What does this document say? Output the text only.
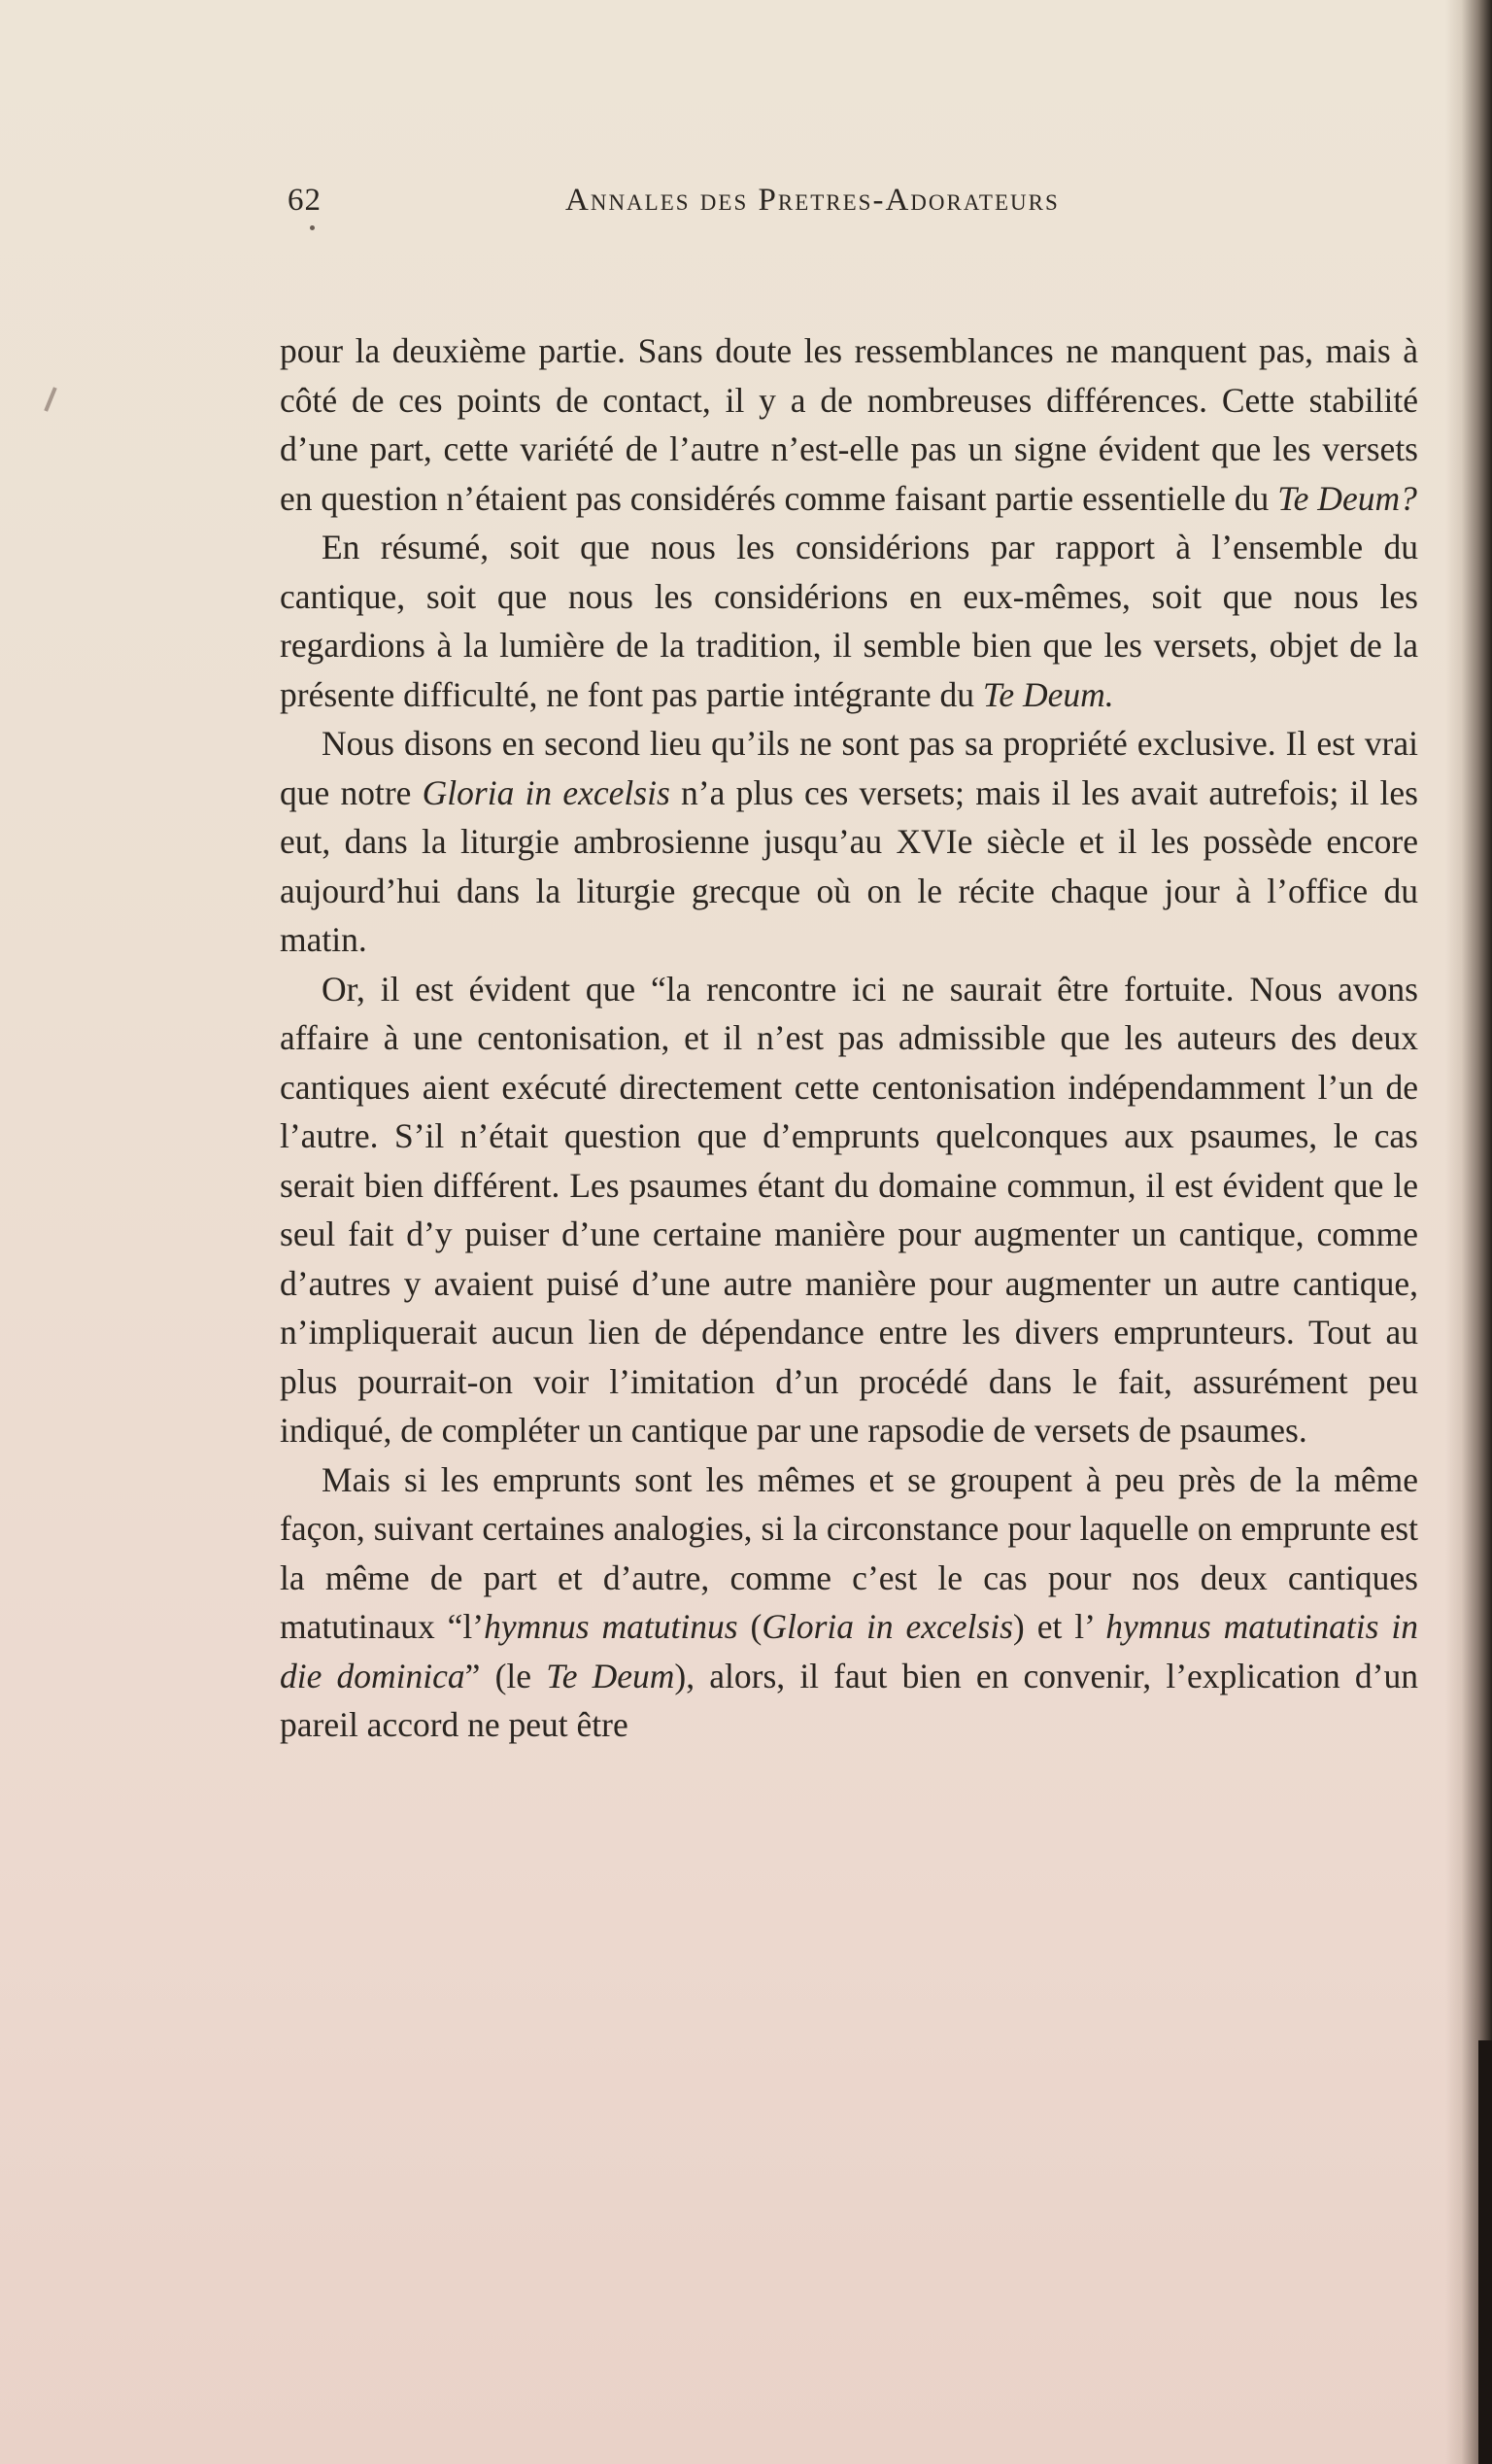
62	Annales des Pretres-Adorateurs

pour la deuxième partie. Sans doute les ressemblances ne manquent pas, mais à côté de ces points de contact, il y a de nombreuses différences. Cette stabilité d’une part, cette variété de l’autre n’est-elle pas un signe évident que les versets en question n’étaient pas considérés comme faisant partie essentielle du Te Deum?

En résumé, soit que nous les considérions par rapport à l’ensemble du cantique, soit que nous les considérions en eux-mêmes, soit que nous les regardions à la lumière de la tradition, il semble bien que les versets, objet de la présente difficulté, ne font pas partie intégrante du Te Deum.

Nous disons en second lieu qu’ils ne sont pas sa propriété exclusive. Il est vrai que notre Gloria in excelsis n’a plus ces versets; mais il les avait autrefois; il les eut, dans la liturgie ambrosienne jusqu’au XVIe siècle et il les possède encore aujourd’hui dans la liturgie grecque où on le récite chaque jour à l’office du matin.

Or, il est évident que “la rencontre ici ne saurait être fortuite. Nous avons affaire à une centonisation, et il n’est pas admissible que les auteurs des deux cantiques aient exécuté directement cette centonisation indépendamment l’un de l’autre. S’il n’était question que d’emprunts quelconques aux psaumes, le cas serait bien différent. Les psaumes étant du domaine commun, il est évident que le seul fait d’y puiser d’une certaine manière pour augmenter un cantique, comme d’autres y avaient puisé d’une autre manière pour augmenter un autre cantique, n’impliquerait aucun lien de dépendance entre les divers emprunteurs. Tout au plus pourrait-on voir l’imitation d’un procédé dans le fait, assurément peu indiqué, de compléter un cantique par une rapsodie de versets de psaumes.

Mais si les emprunts sont les mêmes et se groupent à peu près de la même façon, suivant certaines analogies, si la circonstance pour laquelle on emprunte est la même de part et d’autre, comme c’est le cas pour nos deux cantiques matutinaux “l’hymnus matutinus (Gloria in excelsis) et l’ hymnus matutinatis in die dominica” (le Te Deum), alors, il faut bien en convenir, l’explication d’un pareil accord ne peut être
